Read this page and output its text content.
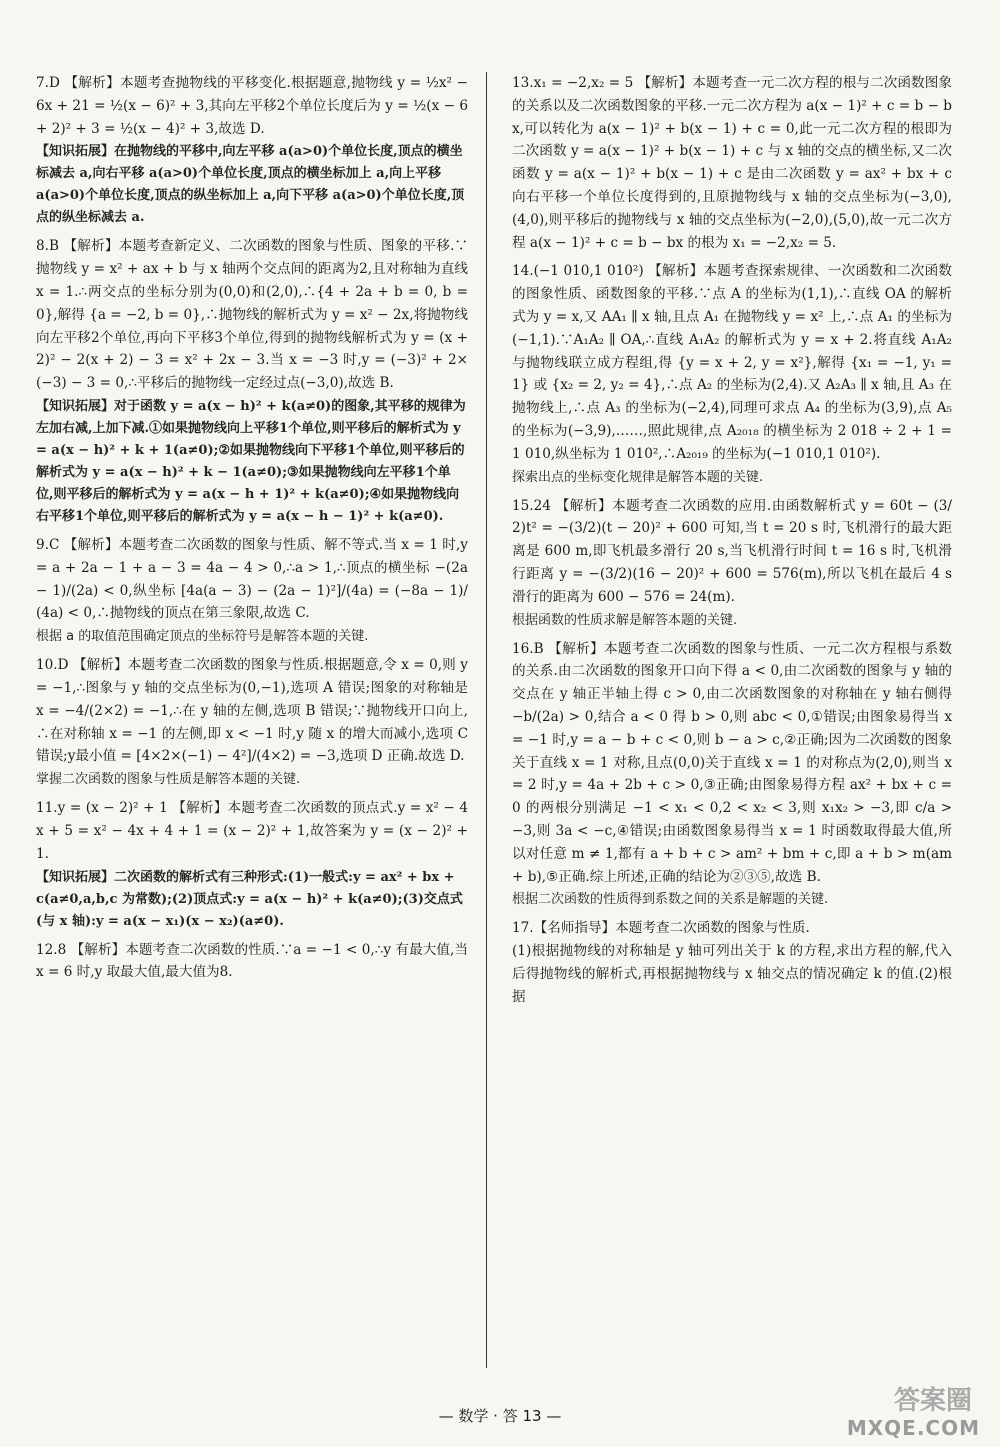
7.D 【解析】本题考查抛物线的平移变化.根据题意,抛物线 y = ½x² − 6x + 21 = ½(x − 6)² + 3,其向左平移2个单位长度后为 y = ½(x − 6 + 2)² + 3 = ½(x − 4)² + 3,故选 D.

【知识拓展】在抛物线的平移中,向左平移 a(a>0)个单位长度,顶点的横坐标减去 a,向右平移 a(a>0)个单位长度,顶点的横坐标加上 a,向上平移 a(a>0)个单位长度,顶点的纵坐标加上 a,向下平移 a(a>0)个单位长度,顶点的纵坐标减去 a.

8.B 【解析】本题考查新定义、二次函数的图象与性质、图象的平移.∵抛物线 y = x² + ax + b 与 x 轴两个交点间的距离为2,且对称轴为直线 x = 1.∴两交点的坐标分别为(0,0)和(2,0),∴{4 + 2a + b = 0, b = 0},解得 {a = −2, b = 0},∴抛物线的解析式为 y = x² − 2x,将抛物线向左平移2个单位,再向下平移3个单位,得到的抛物线解析式为 y = (x + 2)² − 2(x + 2) − 3 = x² + 2x − 3.当 x = −3 时,y = (−3)² + 2×(−3) − 3 = 0,∴平移后的抛物线一定经过点(−3,0),故选 B.

【知识拓展】对于函数 y = a(x − h)² + k(a≠0)的图象,其平移的规律为左加右减,上加下减.①如果抛物线向上平移1个单位,则平移后的解析式为 y = a(x − h)² + k + 1(a≠0);②如果抛物线向下平移1个单位,则平移后的解析式为 y = a(x − h)² + k − 1(a≠0);③如果抛物线向左平移1个单位,则平移后的解析式为 y = a(x − h + 1)² + k(a≠0);④如果抛物线向右平移1个单位,则平移后的解析式为 y = a(x − h − 1)² + k(a≠0).

9.C 【解析】本题考查二次函数的图象与性质、解不等式.当 x = 1 时,y = a + 2a − 1 + a − 3 = 4a − 4 > 0,∴a > 1,∴顶点的横坐标 −(2a − 1)/(2a) < 0,纵坐标 [4a(a − 3) − (2a − 1)²]/(4a) = (−8a − 1)/(4a) < 0,∴抛物线的顶点在第三象限,故选 C.

根据 a 的取值范围确定顶点的坐标符号是解答本题的关键.

10.D 【解析】本题考查二次函数的图象与性质.根据题意,令 x = 0,则 y = −1,∴图象与 y 轴的交点坐标为(0,−1),选项 A 错误;图象的对称轴是 x = −4/(2×2) = −1,∴在 y 轴的左侧,选项 B 错误;∵抛物线开口向上,∴在对称轴 x = −1 的左侧,即 x < −1 时,y 随 x 的增大而减小,选项 C 错误;y最小值 = [4×2×(−1) − 4²]/(4×2) = −3,选项 D 正确.故选 D.

掌握二次函数的图象与性质是解答本题的关键.

11.y = (x − 2)² + 1 【解析】本题考查二次函数的顶点式.y = x² − 4x + 5 = x² − 4x + 4 + 1 = (x − 2)² + 1,故答案为 y = (x − 2)² + 1.

【知识拓展】二次函数的解析式有三种形式:(1)一般式:y = ax² + bx + c(a≠0,a,b,c 为常数);(2)顶点式:y = a(x − h)² + k(a≠0);(3)交点式(与 x 轴):y = a(x − x₁)(x − x₂)(a≠0).

12.8 【解析】本题考查二次函数的性质.∵a = −1 < 0,∴y 有最大值,当 x = 6 时,y 取最大值,最大值为8.

13.x₁ = −2,x₂ = 5 【解析】本题考查一元二次方程的根与二次函数图象的关系以及二次函数图象的平移.一元二次方程为 a(x − 1)² + c = b − bx,可以转化为 a(x − 1)² + b(x − 1) + c = 0,此一元二次方程的根即为二次函数 y = a(x − 1)² + b(x − 1) + c 与 x 轴的交点的横坐标,又二次函数 y = a(x − 1)² + b(x − 1) + c 是由二次函数 y = ax² + bx + c 向右平移一个单位长度得到的,且原抛物线与 x 轴的交点坐标为(−3,0),(4,0),则平移后的抛物线与 x 轴的交点坐标为(−2,0),(5,0),故一元二次方程 a(x − 1)² + c = b − bx 的根为 x₁ = −2,x₂ = 5.

14.(−1 010,1 010²) 【解析】本题考查探索规律、一次函数和二次函数的图象性质、函数图象的平移.∵点 A 的坐标为(1,1),∴直线 OA 的解析式为 y = x,又 AA₁ ∥ x 轴,且点 A₁ 在抛物线 y = x² 上,∴点 A₁ 的坐标为(−1,1).∵A₁A₂ ∥ OA,∴直线 A₁A₂ 的解析式为 y = x + 2.将直线 A₁A₂ 与抛物线联立成方程组,得 {y = x + 2, y = x²},解得 {x₁ = −1, y₁ = 1} 或 {x₂ = 2, y₂ = 4},∴点 A₂ 的坐标为(2,4).又 A₂A₃ ∥ x 轴,且 A₃ 在抛物线上,∴点 A₃ 的坐标为(−2,4),同理可求点 A₄ 的坐标为(3,9),点 A₅ 的坐标为(−3,9),……,照此规律,点 A₂₀₁₈ 的横坐标为 2 018 ÷ 2 + 1 = 1 010,纵坐标为 1 010²,∴A₂₀₁₉ 的坐标为(−1 010,1 010²).

探索出点的坐标变化规律是解答本题的关键.

15.24 【解析】本题考查二次函数的应用.由函数解析式 y = 60t − (3/2)t² = −(3/2)(t − 20)² + 600 可知,当 t = 20 s 时,飞机滑行的最大距离是 600 m,即飞机最多滑行 20 s,当飞机滑行时间 t = 16 s 时,飞机滑行距离 y = −(3/2)(16 − 20)² + 600 = 576(m),所以飞机在最后 4 s 滑行的距离为 600 − 576 = 24(m).

根据函数的性质求解是解答本题的关键.

16.B 【解析】本题考查二次函数的图象与性质、一元二次方程根与系数的关系.由二次函数的图象开口向下得 a < 0,由二次函数的图象与 y 轴的交点在 y 轴正半轴上得 c > 0,由二次函数图象的对称轴在 y 轴右侧得 −b/(2a) > 0,结合 a < 0 得 b > 0,则 abc < 0,①错误;由图象易得当 x = −1 时,y = a − b + c < 0,则 b − a > c,②正确;因为二次函数的图象关于直线 x = 1 对称,且点(0,0)关于直线 x = 1 的对称点为(2,0),则当 x = 2 时,y = 4a + 2b + c > 0,③正确;由图象易得方程 ax² + bx + c = 0 的两根分别满足 −1 < x₁ < 0,2 < x₂ < 3,则 x₁x₂ > −3,即 c/a > −3,则 3a < −c,④错误;由函数图象易得当 x = 1 时函数取得最大值,所以对任意 m ≠ 1,都有 a + b + c > am² + bm + c,即 a + b > m(am + b),⑤正确.综上所述,正确的结论为②③⑤,故选 B.

根据二次函数的性质得到系数之间的关系是解题的关键.

17.【名师指导】本题考查二次函数的图象与性质.

(1)根据抛物线的对称轴是 y 轴可列出关于 k 的方程,求出方程的解,代入后得抛物线的解析式,再根据抛物线与 x 轴交点的情况确定 k 的值.(2)根据

— 数学 · 答 13 —	答案圈
MXQE.COM
